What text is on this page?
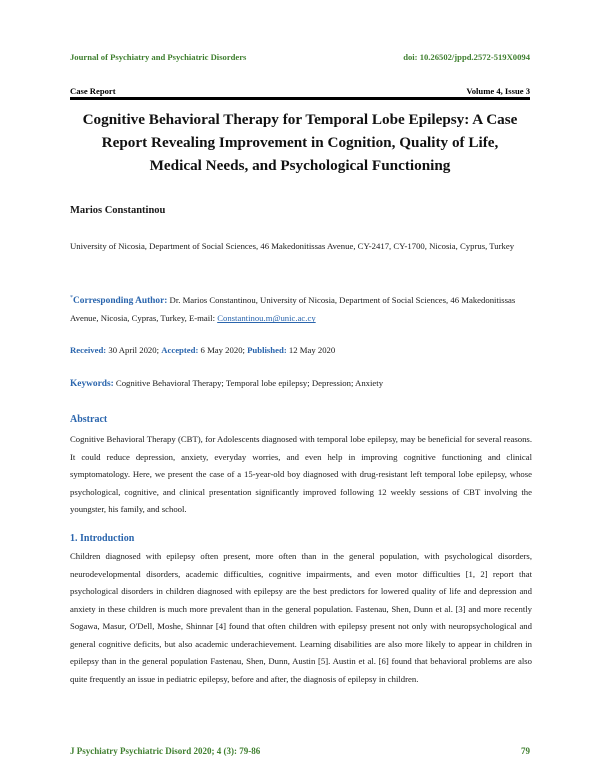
Journal of Psychiatry and Psychiatric Disorders	doi: 10.26502/jppd.2572-519X0094
Case Report	Volume 4, Issue 3
Cognitive Behavioral Therapy for Temporal Lobe Epilepsy: A Case
Report Revealing Improvement in Cognition, Quality of Life,
Medical Needs, and Psychological Functioning
Marios Constantinou
University of Nicosia, Department of Social Sciences, 46 Makedonitissas Avenue, CY-2417, CY-1700, Nicosia, Cyprus, Turkey
*Corresponding Author: Dr. Marios Constantinou, University of Nicosia, Department of Social Sciences, 46 Makedonitissas Avenue, Nicosia, Cypras, Turkey, E-mail: Constantinou.m@unic.ac.cy
Received: 30 April 2020; Accepted: 6 May 2020; Published: 12 May 2020
Keywords: Cognitive Behavioral Therapy; Temporal lobe epilepsy; Depression; Anxiety
Abstract
Cognitive Behavioral Therapy (CBT), for Adolescents diagnosed with temporal lobe epilepsy, may be beneficial for several reasons. It could reduce depression, anxiety, everyday worries, and even help in improving cognitive functioning and clinical symptomatology. Here, we present the case of a 15-year-old boy diagnosed with drug-resistant left temporal lobe epilepsy, whose psychological, cognitive, and clinical presentation significantly improved following 12 weekly sessions of CBT involving the youngster, his family, and school.
1. Introduction
Children diagnosed with epilepsy often present, more often than in the general population, with psychological disorders, neurodevelopmental disorders, academic difficulties, cognitive impairments, and even motor difficulties [1, 2] report that psychological disorders in children diagnosed with epilepsy are the best predictors for lowered quality of life and depression and anxiety in these children is much more prevalent than in the general population. Fastenau, Shen, Dunn et al. [3] and more recently Sogawa, Masur, O'Dell, Moshe, Shinnar [4] found that often children with epilepsy present not only with neuropsychological and general cognitive deficits, but also academic underachievement. Learning disabilities are also more likely to appear in children in epilepsy than in the general population Fastenau, Shen, Dunn, Austin [5]. Austin et al. [6] found that behavioral problems are also quite frequently an issue in pediatric epilepsy, before and after, the diagnosis of epilepsy in children.
J Psychiatry Psychiatric Disord 2020; 4 (3): 79-86	79
